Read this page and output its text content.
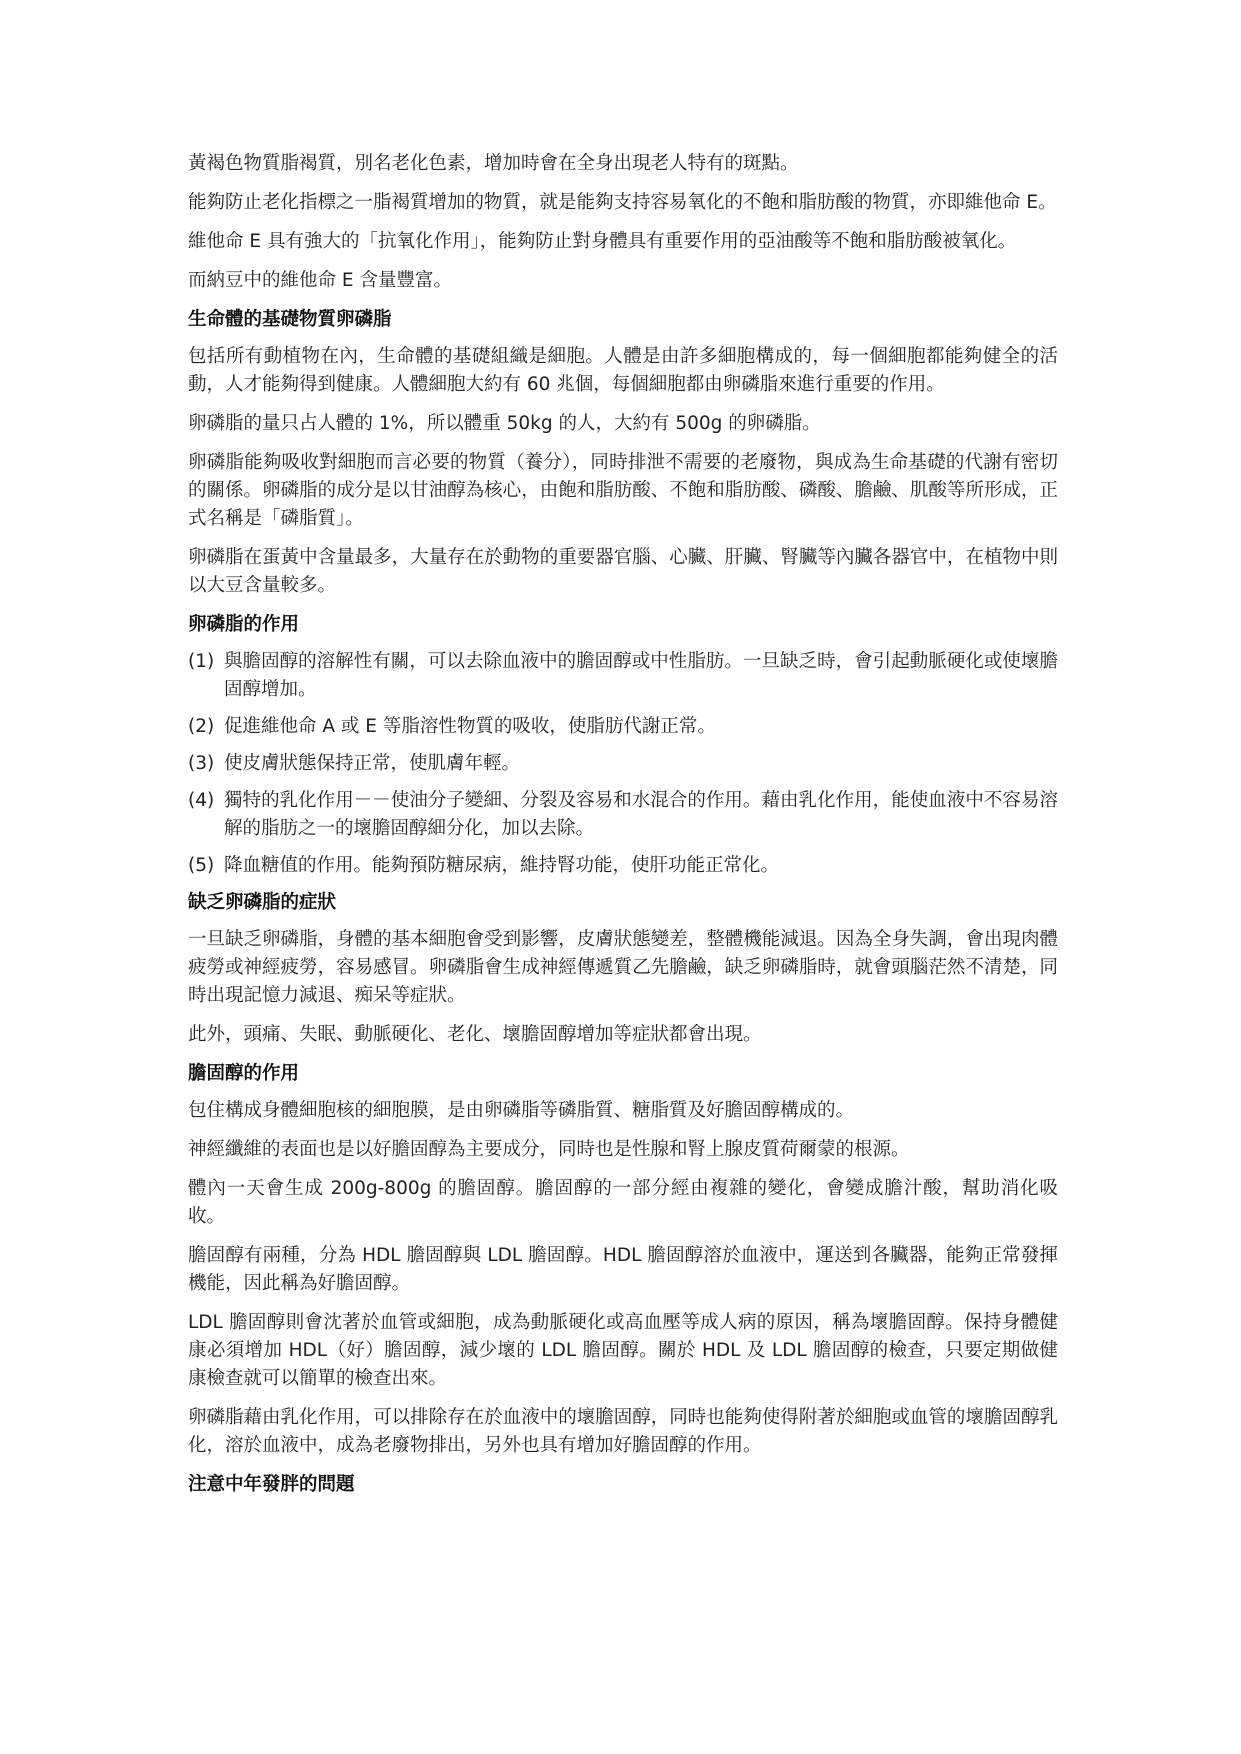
黃褐色物質脂褐質，別名老化色素，增加時會在全身出現老人特有的斑點。

能夠防止老化指標之一脂褐質增加的物質，就是能夠支持容易氧化的不飽和脂肪酸的物質，亦即維他命 E。

維他命 E 具有強大的「抗氧化作用」，能夠防止對身體具有重要作用的亞油酸等不飽和脂肪酸被氧化。

而納豆中的維他命 E 含量豐富。

生命體的基礎物質卵磷脂

包括所有動植物在內，生命體的基礎組織是細胞。人體是由許多細胞構成的，每一個細胞都能夠健全的活動，人才能夠得到健康。人體細胞大約有 60 兆個，每個細胞都由卵磷脂來進行重要的作用。

卵磷脂的量只占人體的 1%，所以體重 50kg 的人，大約有 500g 的卵磷脂。

卵磷脂能夠吸收對細胞而言必要的物質（養分），同時排泄不需要的老廢物，與成為生命基礎的代謝有密切的關係。卵磷脂的成分是以甘油醇為核心，由飽和脂肪酸、不飽和脂肪酸、磷酸、膽鹼、肌酸等所形成，正式名稱是「磷脂質」。

卵磷脂在蛋黃中含量最多，大量存在於動物的重要器官腦、心臟、肝臟、腎臟等內臟各器官中，在植物中則以大豆含量較多。

卵磷脂的作用
(1) 與膽固醇的溶解性有關，可以去除血液中的膽固醇或中性脂肪。一旦缺乏時，會引起動脈硬化或使壞膽固醇增加。
(2) 促進維他命 A 或 E 等脂溶性物質的吸收，使脂肪代謝正常。
(3) 使皮膚狀態保持正常，使肌膚年輕。
(4) 獨特的乳化作用－－使油分子變細、分裂及容易和水混合的作用。藉由乳化作用，能使血液中不容易溶解的脂肪之一的壞膽固醇細分化，加以去除。
(5) 降血糖值的作用。能夠預防糖尿病，維持腎功能，使肝功能正常化。
缺乏卵磷脂的症狀

一旦缺乏卵磷脂，身體的基本細胞會受到影響，皮膚狀態變差，整體機能減退。因為全身失調，會出現肉體疲勞或神經疲勞，容易感冒。卵磷脂會生成神經傳遞質乙先膽鹼，缺乏卵磷脂時，就會頭腦茫然不清楚，同時出現記憶力減退、痴呆等症狀。

此外，頭痛、失眠、動脈硬化、老化、壞膽固醇增加等症狀都會出現。

膽固醇的作用

包住構成身體細胞核的細胞膜，是由卵磷脂等磷脂質、糖脂質及好膽固醇構成的。

神經纖維的表面也是以好膽固醇為主要成分，同時也是性腺和腎上腺皮質荷爾蒙的根源。

體內一天會生成 200g-800g 的膽固醇。膽固醇的一部分經由複雜的變化，會變成膽汁酸，幫助消化吸收。

膽固醇有兩種，分為 HDL 膽固醇與 LDL 膽固醇。HDL 膽固醇溶於血液中，運送到各臟器，能夠正常發揮機能，因此稱為好膽固醇。

LDL 膽固醇則會沈著於血管或細胞，成為動脈硬化或高血壓等成人病的原因，稱為壞膽固醇。保持身體健康必須增加 HDL（好）膽固醇，減少壞的 LDL 膽固醇。關於 HDL 及 LDL 膽固醇的檢查，只要定期做健康檢查就可以簡單的檢查出來。

卵磷脂藉由乳化作用，可以排除存在於血液中的壞膽固醇，同時也能夠使得附著於細胞或血管的壞膽固醇乳化，溶於血液中，成為老廢物排出，另外也具有增加好膽固醇的作用。

注意中年發胖的問題
